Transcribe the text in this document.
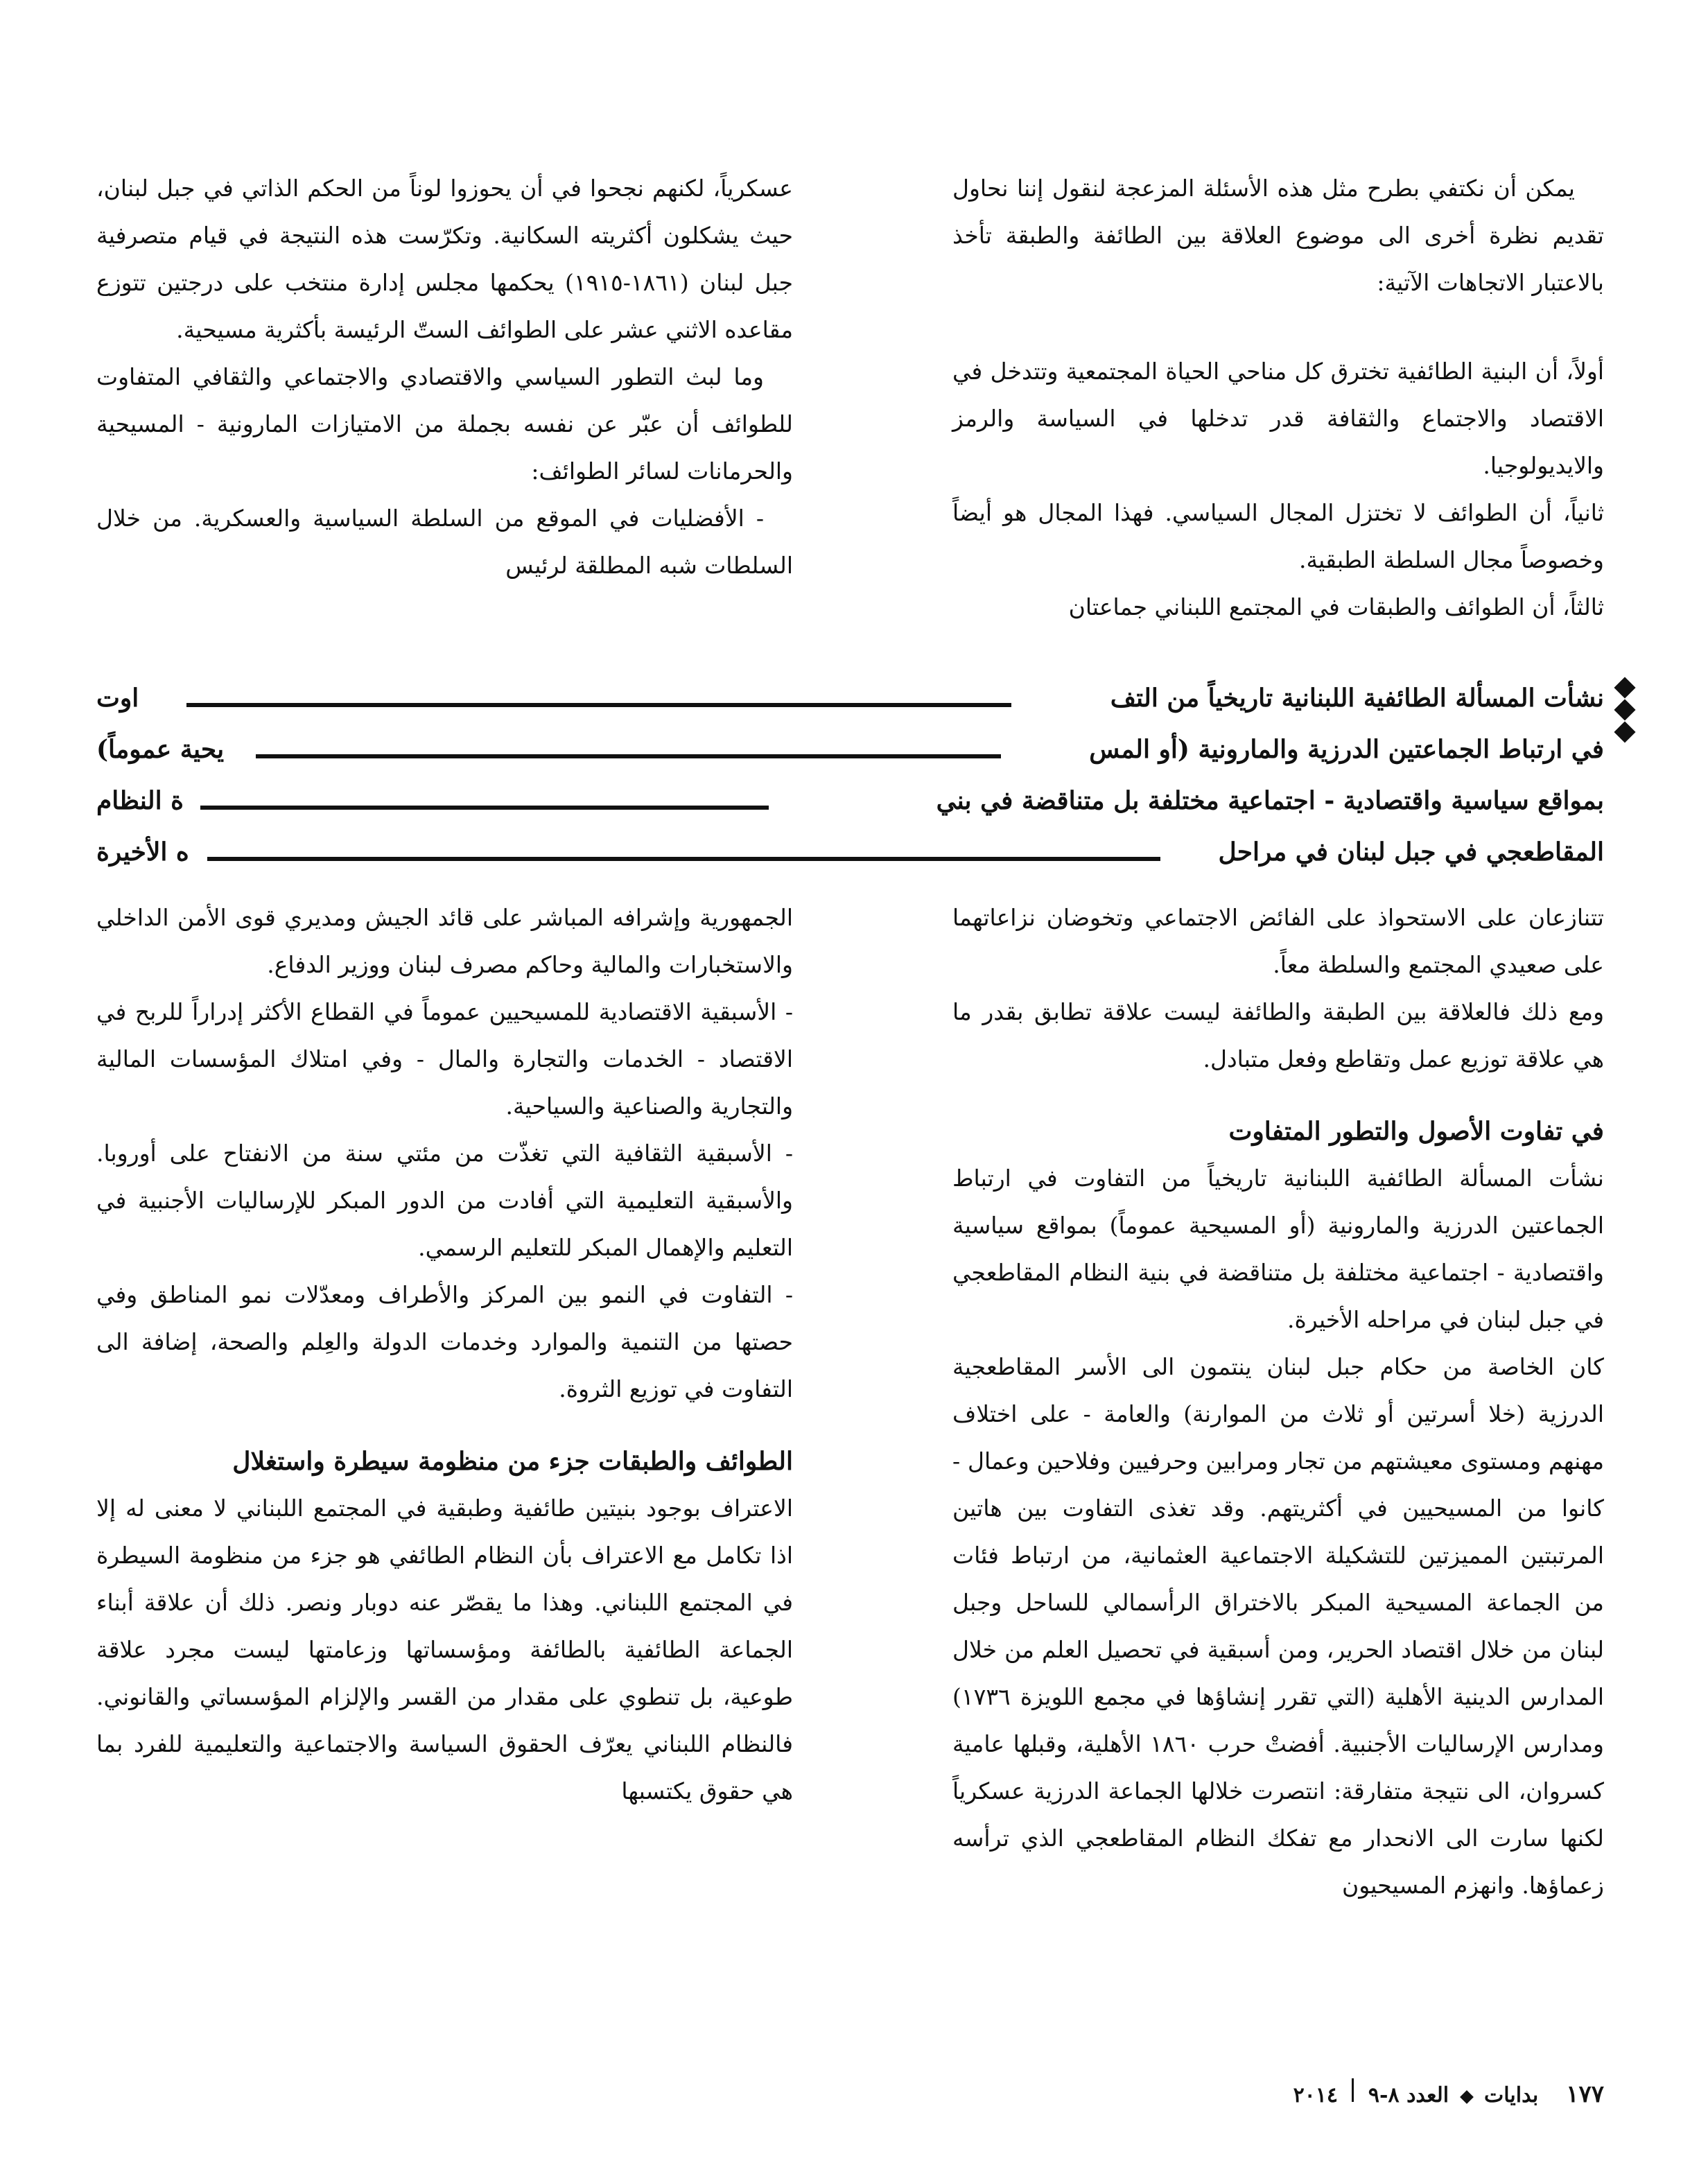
يمكن أن نكتفي بطرح مثل هذه الأسئلة المزعجة لنقول إننا نحاول تقديم نظرة أخرى الى موضوع العلاقة بين الطائفة والطبقة تأخذ بالاعتبار الاتجاهات الآتية:

أولاً، أن البنية الطائفية تخترق كل مناحي الحياة المجتمعية وتتدخل في الاقتصاد والاجتماع والثقافة قدر تدخلها في السياسة والرمز والايديولوجيا.

ثانياً، أن الطوائف لا تختزل المجال السياسي. فهذا المجال هو أيضاً وخصوصاً مجال السلطة الطبقية.

ثالثاً، أن الطوائف والطبقات في المجتمع اللبناني جماعتان

عسكرياً، لكنهم نجحوا في أن يحوزوا لوناً من الحكم الذاتي في جبل لبنان، حيث يشكلون أكثريته السكانية. وتكرّست هذه النتيجة في قيام متصرفية جبل لبنان (١٨٦١-١٩١٥) يحكمها مجلس إدارة منتخب على درجتين تتوزع مقاعده الاثني عشر على الطوائف الستّ الرئيسة بأكثرية مسيحية.

وما لبث التطور السياسي والاقتصادي والاجتماعي والثقافي المتفاوت للطوائف أن عبّر عن نفسه بجملة من الامتيازات المارونية - المسيحية والحرمانات لسائر الطوائف:

- الأفضليات في الموقع من السلطة السياسية والعسكرية. من خلال السلطات شبه المطلقة لرئيس

نشأت المسألة الطائفية اللبنانية تاريخياً من التف
اوت
في ارتباط الجماعتين الدرزية والمارونية (أو المس
يحية عموماً)
بمواقع سياسية واقتصادية - اجتماعية مختلفة بل متناقضة في بني
ة النظام
المقاطعجي في جبل لبنان في مراحل
ه الأخيرة

تتنازعان على الاستحواذ على الفائض الاجتماعي وتخوضان نزاعاتهما على صعيدي المجتمع والسلطة معاً.

ومع ذلك فالعلاقة بين الطبقة والطائفة ليست علاقة تطابق بقدر ما هي علاقة توزيع عمل وتقاطع وفعل متبادل.

في تفاوت الأصول والتطور المتفاوت

نشأت المسألة الطائفية اللبنانية تاريخياً من التفاوت في ارتباط الجماعتين الدرزية والمارونية (أو المسيحية عموماً) بمواقع سياسية واقتصادية - اجتماعية مختلفة بل متناقضة في بنية النظام المقاطعجي في جبل لبنان في مراحله الأخيرة.

كان الخاصة من حكام جبل لبنان ينتمون الى الأسر المقاطعجية الدرزية (خلا أسرتين أو ثلاث من الموارنة) والعامة - على اختلاف مهنهم ومستوى معيشتهم من تجار ومرابين وحرفيين وفلاحين وعمال - كانوا من المسيحيين في أكثريتهم. وقد تغذى التفاوت بين هاتين المرتبتين المميزتين للتشكيلة الاجتماعية العثمانية، من ارتباط فئات من الجماعة المسيحية المبكر بالاختراق الرأسمالي للساحل وجبل لبنان من خلال اقتصاد الحرير، ومن أسبقية في تحصيل العلم من خلال المدارس الدينية الأهلية (التي تقرر إنشاؤها في مجمع اللويزة ١٧٣٦) ومدارس الإرساليات الأجنبية. أفضتْ حرب ١٨٦٠ الأهلية، وقبلها عامية كسروان، الى نتيجة متفارقة: انتصرت خلالها الجماعة الدرزية عسكرياً لكنها سارت الى الانحدار مع تفكك النظام المقاطعجي الذي ترأسه زعماؤها. وانهزم المسيحيون

الجمهورية وإشرافه المباشر على قائد الجيش ومديري قوى الأمن الداخلي والاستخبارات والمالية وحاكم مصرف لبنان ووزير الدفاع.

- الأسبقية الاقتصادية للمسيحيين عموماً في القطاع الأكثر إدراراً للربح في الاقتصاد - الخدمات والتجارة والمال - وفي امتلاك المؤسسات المالية والتجارية والصناعية والسياحية.

- الأسبقية الثقافية التي تغذّت من مئتي سنة من الانفتاح على أوروبا. والأسبقية التعليمية التي أفادت من الدور المبكر للإرساليات الأجنبية في التعليم والإهمال المبكر للتعليم الرسمي.

- التفاوت في النمو بين المركز والأطراف ومعدّلات نمو المناطق وفي حصتها من التنمية والموارد وخدمات الدولة والعِلم والصحة، إضافة الى التفاوت في توزيع الثروة.

الطوائف والطبقات جزء من منظومة سيطرة واستغلال

الاعتراف بوجود بنيتين طائفية وطبقية في المجتمع اللبناني لا معنى له إلا اذا تكامل مع الاعتراف بأن النظام الطائفي هو جزء من منظومة السيطرة في المجتمع اللبناني. وهذا ما يقصّر عنه دوبار ونصر. ذلك أن علاقة أبناء الجماعة الطائفية بالطائفة ومؤسساتها وزعامتها ليست مجرد علاقة طوعية، بل تنطوي على مقدار من القسر والإلزام المؤسساتي والقانوني. فالنظام اللبناني يعرّف الحقوق السياسة والاجتماعية والتعليمية للفرد بما هي حقوق يكتسبها

١٧٧
بدايات  العدد ٨-٩  ٢٠١٤
